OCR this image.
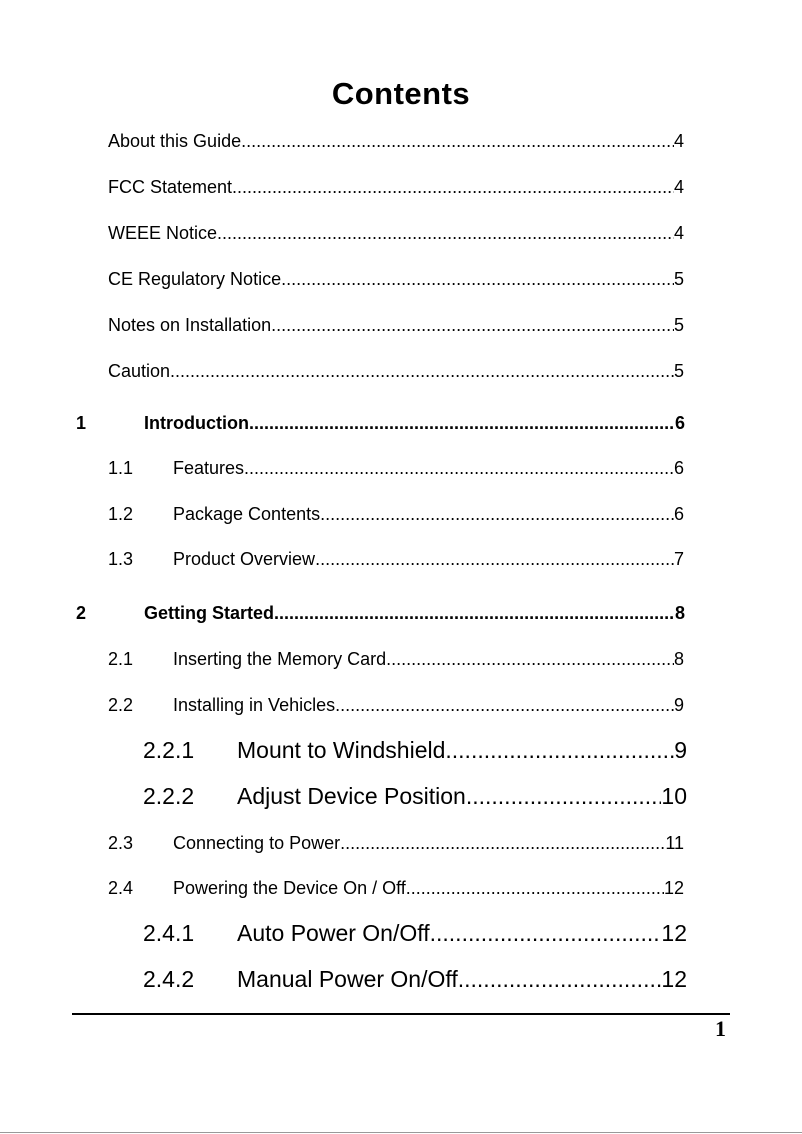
Contents
About this Guide .....	4
FCC Statement .....	4
WEEE Notice .....	4
CE Regulatory Notice .....	5
Notes on Installation .....	5
Caution .....	5
1	Introduction .....	6
1.1	Features .....	6
1.2	Package Contents .....	6
1.3	Product Overview .....	7
2	Getting Started .....	8
2.1	Inserting the Memory Card .....	8
2.2	Installing in Vehicles .....	9
2.2.1	Mount to Windshield .....	9
2.2.2	Adjust Device Position .....	10
2.3	Connecting to Power .....	11
2.4	Powering the Device On / Off .....	12
2.4.1	Auto Power On/Off .....	12
2.4.2	Manual Power On/Off .....	12
1
